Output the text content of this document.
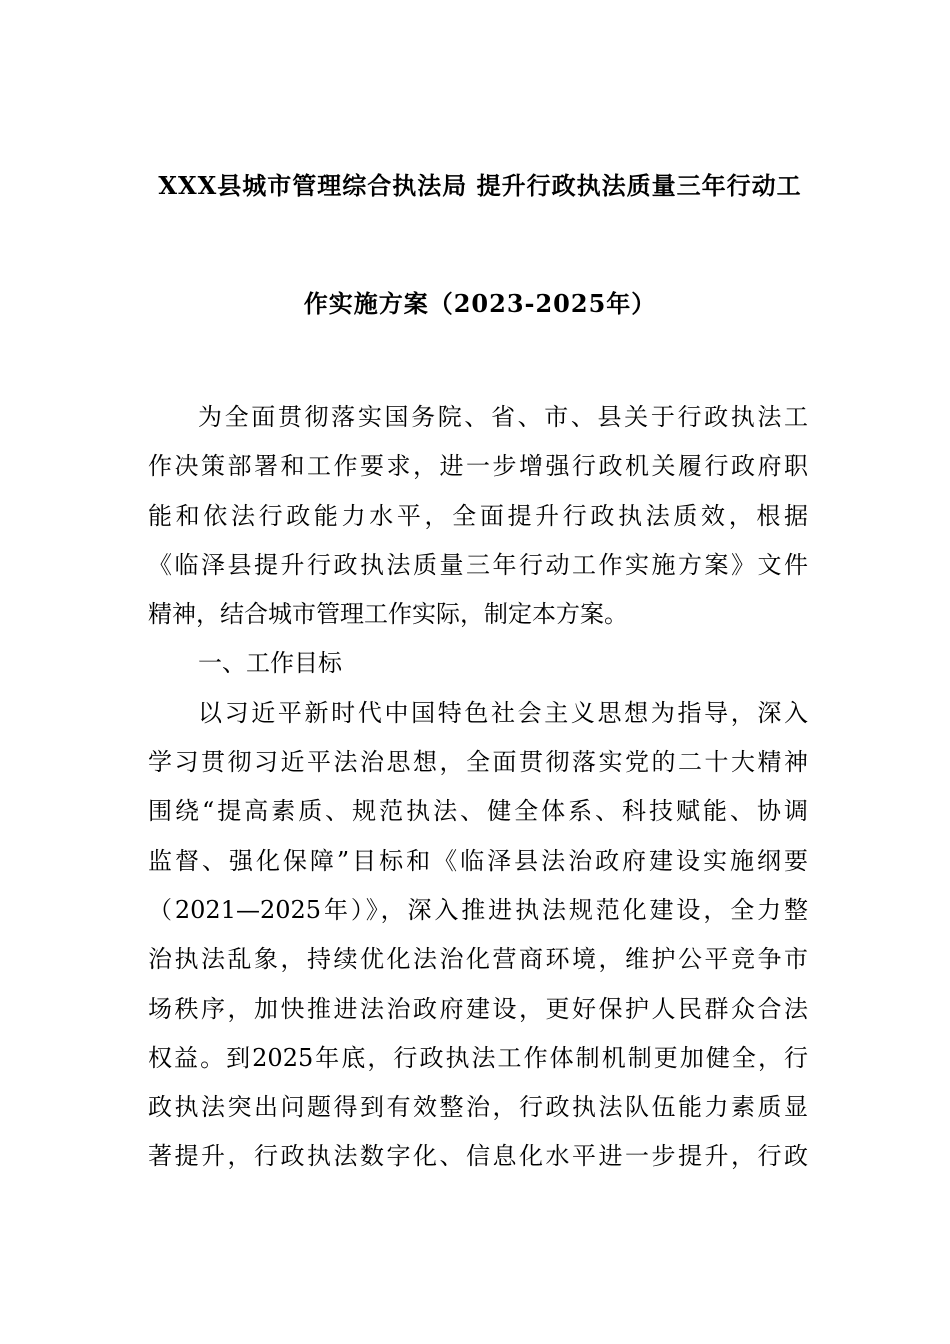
XXX县城市管理综合执法局 提升行政执法质量三年行动工
作实施方案（2023-2025年）
为全面贯彻落实国务院、省、市、县关于行政执法工
作决策部署和工作要求，进一步增强行政机关履行政府职
能和依法行政能力水平，全面提升行政执法质效，根据
《临泽县提升行政执法质量三年行动工作实施方案》文件
精神，结合城市管理工作实际，制定本方案。
一、工作目标
以习近平新时代中国特色社会主义思想为指导，深入
学习贯彻习近平法治思想，全面贯彻落实党的二十大精神
围绕“提高素质、规范执法、健全体系、科技赋能、协调
监督、强化保障”目标和《临泽县法治政府建设实施纲要
（2021—2025年）》，深入推进执法规范化建设，全力整
治执法乱象，持续优化法治化营商环境，维护公平竞争市
场秩序，加快推进法治政府建设，更好保护人民群众合法
权益。到2025年底，行政执法工作体制机制更加健全，行
政执法突出问题得到有效整治，行政执法队伍能力素质显
著提升，行政执法数字化、信息化水平进一步提升，行政
